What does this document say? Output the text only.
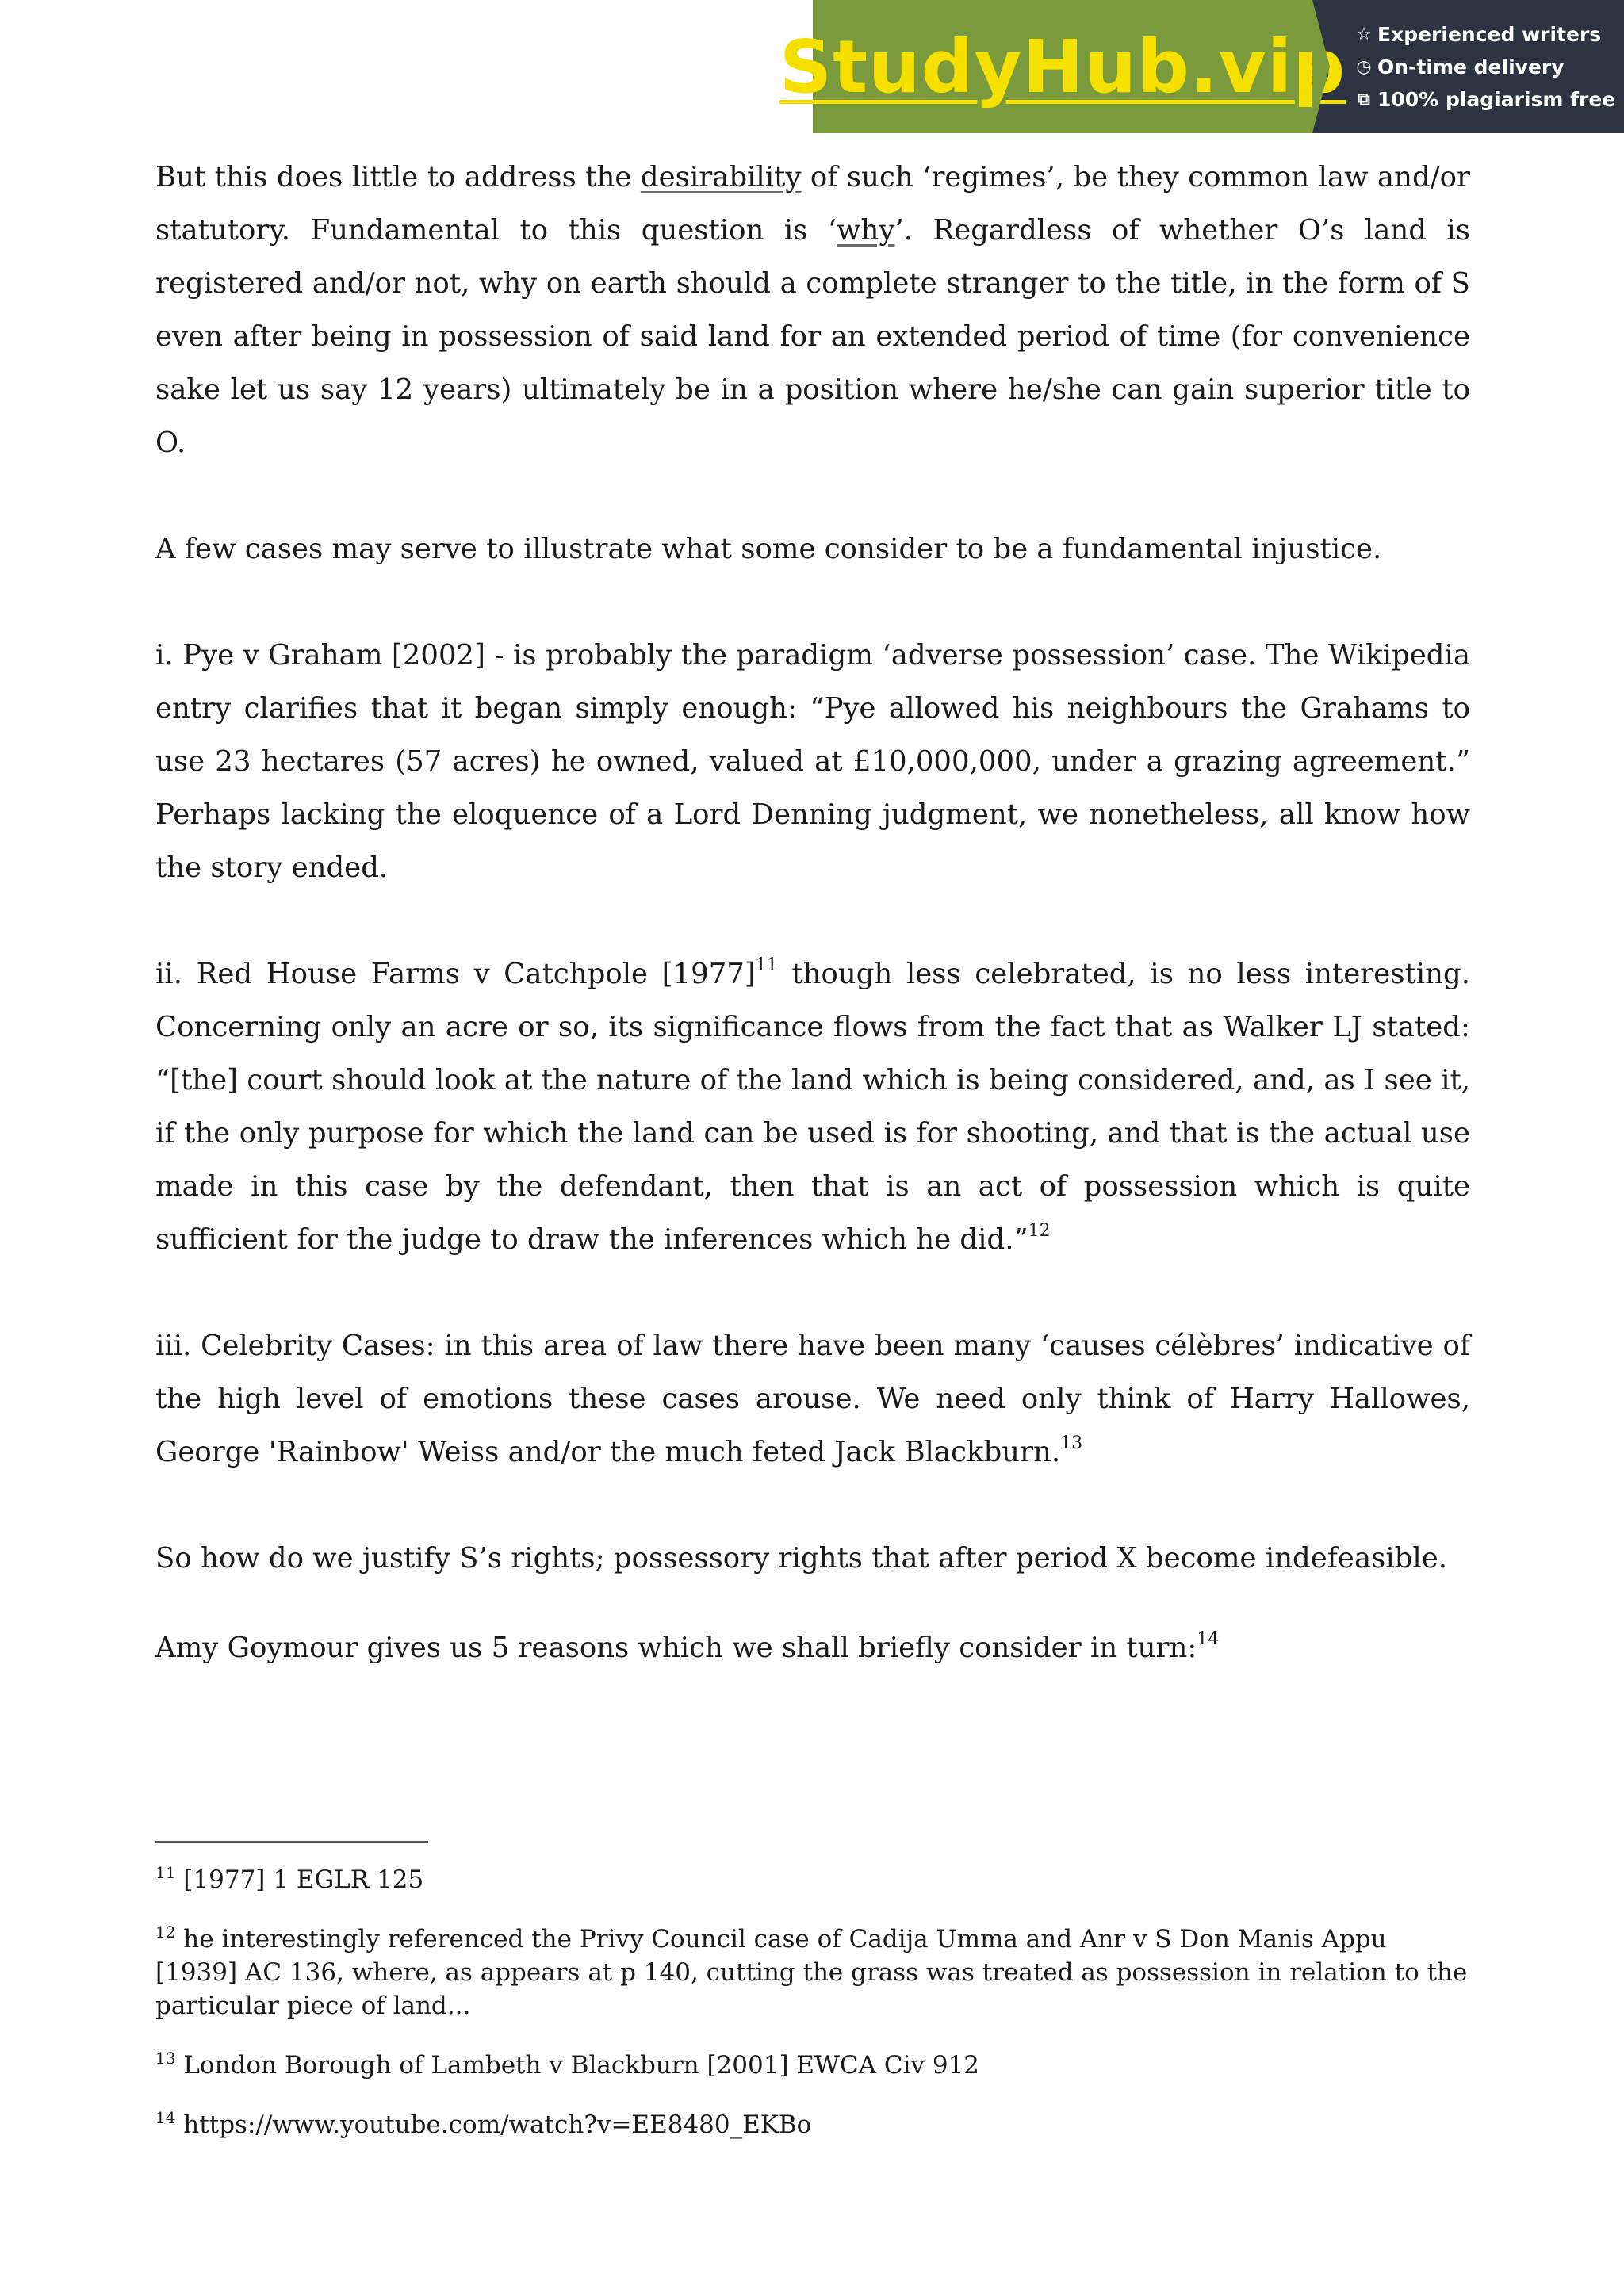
StudyHub.vip ☆ Experienced writers
◷ On-time delivery
⧉ 100% plagiarism free

But this does little to address the desirability of such ‘regimes’, be they common law and/or statutory. Fundamental to this question is ‘why’. Regardless of whether O’s land is registered and/or not, why on earth should a complete stranger to the title, in the form of S even after being in possession of said land for an extended period of time (for convenience sake let us say 12 years) ultimately be in a position where he/she can gain superior title to O.

A few cases may serve to illustrate what some consider to be a fundamental injustice.

i. Pye v Graham [2002] - is probably the paradigm ‘adverse possession’ case. The Wikipedia entry clarifies that it began simply enough: “Pye allowed his neighbours the Grahams to use 23 hectares (57 acres) he owned, valued at £10,000,000, under a grazing agreement.” Perhaps lacking the eloquence of a Lord Denning judgment, we nonetheless, all know how the story ended.

ii. Red House Farms v Catchpole $[1977]^{11}$ though less celebrated, is no less interesting. Concerning only an acre or so, its significance flows from the fact that as Walker LJ stated: “[the] court should look at the nature of the land which is being considered, and, as I see it, if the only purpose for which the land can be used is for shooting, and that is the actual use made in this case by the defendant, then that is an act of possession which is quite sufficient for the judge to draw the inferences which he did.”$^{12}$

iii. Celebrity Cases: in this area of law there have been many ‘causes célèbres’ indicative of the high level of emotions these cases arouse. We need only think of Harry Hallowes, George 'Rainbow' Weiss and/or the much feted Jack Blackburn.$^{13}$

So how do we justify S’s rights; possessory rights that after period X become indefeasible.

Amy Goymour gives us 5 reasons which we shall briefly consider in turn:$^{14}$

$^{11}$ [1977] 1 EGLR 125

$^{12}$ he interestingly referenced the Privy Council case of Cadija Umma and Anr v S Don Manis Appu [1939] AC 136, where, as appears at p 140, cutting the grass was treated as possession in relation to the particular piece of land...

$^{13}$ London Borough of Lambeth v Blackburn [2001] EWCA Civ 912

$^{14}$ https://www.youtube.com/watch?v=EE8480_EKBo
